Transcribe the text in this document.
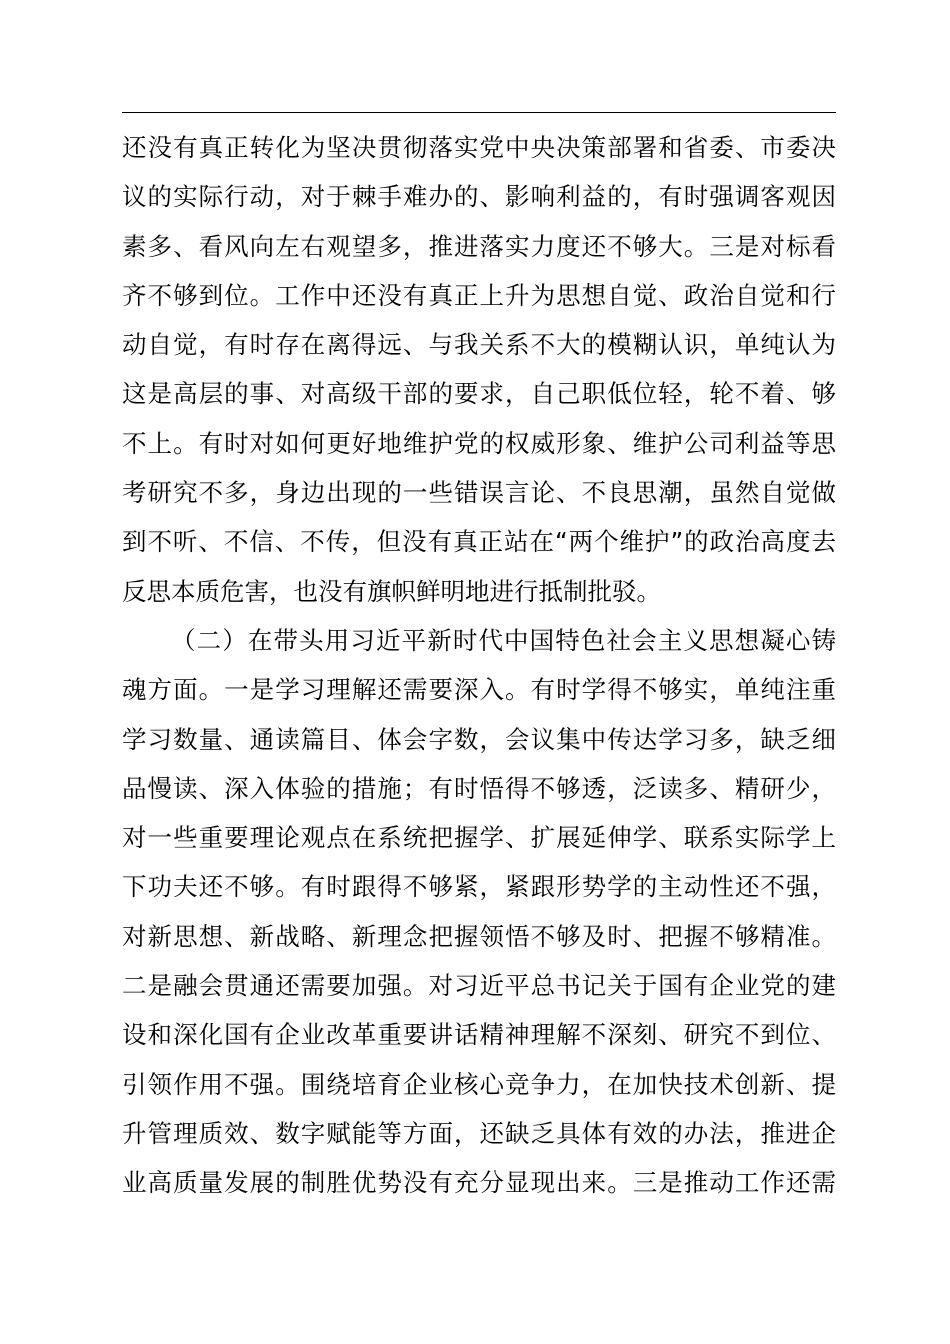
还没有真正转化为坚决贯彻落实党中央决策部署和省委、市委决
议的实际行动，对于棘手难办的、影响利益的，有时强调客观因
素多、看风向左右观望多，推进落实力度还不够大。三是对标看
齐不够到位。工作中还没有真正上升为思想自觉、政治自觉和行
动自觉，有时存在离得远、与我关系不大的模糊认识，单纯认为
这是高层的事、对高级干部的要求，自己职低位轻，轮不着、够
不上。有时对如何更好地维护党的权威形象、维护公司利益等思
考研究不多，身边出现的一些错误言论、不良思潮，虽然自觉做
到不听、不信、不传，但没有真正站在“两个维护”的政治高度去
反思本质危害，也没有旗帜鲜明地进行抵制批驳。
（二）在带头用习近平新时代中国特色社会主义思想凝心铸
魂方面。一是学习理解还需要深入。有时学得不够实，单纯注重
学习数量、通读篇目、体会字数，会议集中传达学习多，缺乏细
品慢读、深入体验的措施；有时悟得不够透，泛读多、精研少，
对一些重要理论观点在系统把握学、扩展延伸学、联系实际学上
下功夫还不够。有时跟得不够紧，紧跟形势学的主动性还不强，
对新思想、新战略、新理念把握领悟不够及时、把握不够精准。
二是融会贯通还需要加强。对习近平总书记关于国有企业党的建
设和深化国有企业改革重要讲话精神理解不深刻、研究不到位、
引领作用不强。围绕培育企业核心竞争力，在加快技术创新、提
升管理质效、数字赋能等方面，还缺乏具体有效的办法，推进企
业高质量发展的制胜优势没有充分显现出来。三是推动工作还需
